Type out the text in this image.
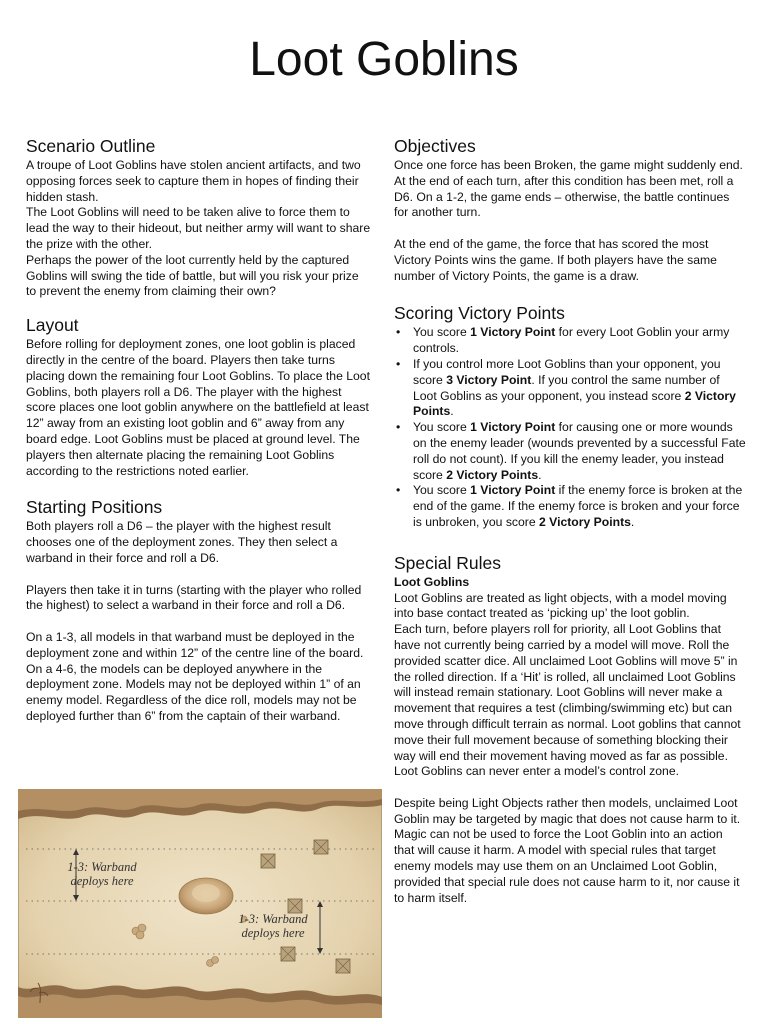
Loot Goblins
Scenario Outline

A troupe of Loot Goblins have stolen ancient artifacts, and two opposing forces seek to capture them in hopes of finding their hidden stash.

The Loot Goblins will need to be taken alive to force them to lead the way to their hideout, but neither army will want to share the prize with the other.

Perhaps the power of the loot currently held by the captured Goblins will swing the tide of battle, but will you risk your prize to prevent the enemy from claiming their own?

Layout

Before rolling for deployment zones, one loot goblin is placed directly in the centre of the board. Players then take turns placing down the remaining four Loot Goblins. To place the Loot Goblins, both players roll a D6. The player with the highest score places one loot goblin anywhere on the battlefield at least 12” away from an existing loot goblin and 6” away from any board edge. Loot Goblins must be placed at ground level. The players then alternate placing the remaining Loot Goblins according to the restrictions noted earlier.

Starting Positions

Both players roll a D6 – the player with the highest result chooses one of the deployment zones. They then select a warband in their force and roll a D6.

Players then take it in turns (starting with the player who rolled the highest) to select a warband in their force and roll a D6.

On a 1-3, all models in that warband must be deployed in the deployment zone and within 12” of the centre line of the board. On a 4-6, the models can be deployed anywhere in the deployment zone. Models may not be deployed within 1” of an enemy model. Regardless of the dice roll, models may not be deployed further than 6” from the captain of their warband.

1-3: Warband
deploys here
1-3: Warband
deploys here
Objectives

Once one force has been Broken, the game might suddenly end. At the end of each turn, after this condition has been met, roll a D6. On a 1-2, the game ends – otherwise, the battle continues for another turn.

At the end of the game, the force that has scored the most Victory Points wins the game. If both players have the same number of Victory Points, the game is a draw.

Scoring Victory Points
• You score 1 Victory Point for every Loot Goblin your army controls.
• If you control more Loot Goblins than your opponent, you score 3 Victory Point. If you control the same number of Loot Goblins as your opponent, you instead score 2 Victory Points.
• You score 1 Victory Point for causing one or more wounds on the enemy leader (wounds prevented by a successful Fate roll do not count). If you kill the enemy leader, you instead score 2 Victory Points.
• You score 1 Victory Point if the enemy force is broken at the end of the game. If the enemy force is broken and your force is unbroken, you score 2 Victory Points.
Special Rules

Loot Goblins

Loot Goblins are treated as light objects, with a model moving into base contact treated as ‘picking up’ the loot goblin.

Each turn, before players roll for priority, all Loot Goblins that have not currently being carried by a model will move. Roll the provided scatter dice. All unclaimed Loot Goblins will move 5” in the rolled direction. If a ‘Hit’ is rolled, all unclaimed Loot Goblins will instead remain stationary. Loot Goblins will never make a movement that requires a test (climbing/swimming etc) but can move through difficult terrain as normal. Loot goblins that cannot move their full movement because of something blocking their way will end their movement having moved as far as possible. Loot Goblins can never enter a model’s control zone.

Despite being Light Objects rather then models, unclaimed Loot Goblin may be targeted by magic that does not cause harm to it. Magic can not be used to force the Loot Goblin into an action that will cause it harm. A model with special rules that target enemy models may use them on an Unclaimed Loot Goblin, provided that special rule does not cause harm to it, nor cause it to harm itself.
